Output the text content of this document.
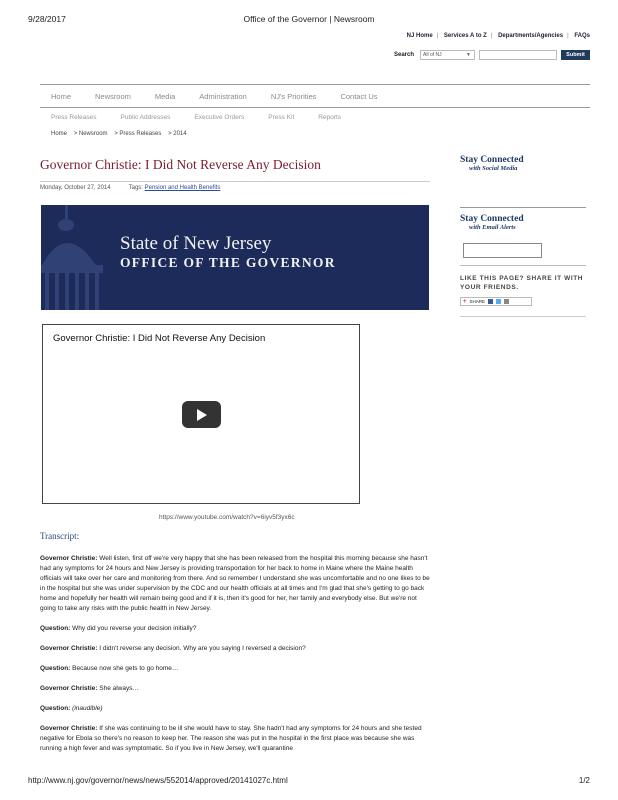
9/28/2017	Office of the Governor | Newsroom
NJ Home | Services A to Z | Departments/Agencies | FAQs
Search	All of NJ	▼	Submit
Home	Newsroom	Media	Administration	NJ's Priorities	Contact Us
Press Releases	Public Addresses	Executive Orders	Press Kit	Reports
Home > Newsroom > Press Releases > 2014
Governor Christie: I Did Not Reverse Any Decision
Monday, October 27, 2014	Tags: Pension and Health Benefits
State of New Jersey
OFFICE OF THE GOVERNOR
Governor Christie: I Did Not Reverse Any Decision
https://www.youtube.com/watch?v=6iyv5f3yx6c
Transcript:

Governor Christie: Well listen, first off we're very happy that she has been released from the hospital this morning because she hasn't had any symptoms for 24 hours and New Jersey is providing transportation for her back to home in Maine where the Maine health officials will take over her care and monitoring from there. And so remember I understand she was uncomfortable and no one likes to be in the hospital but she was under supervision by the CDC and our health officials at all times and I'm glad that she's getting to go back home and hopefully her health will remain being good and if it is, then it's good for her, her family and everybody else. But we're not going to take any risks with the public health in New Jersey.

Question: Why did you reverse your decision initially?

Governor Christie: I didn't reverse any decision. Why are you saying I reversed a decision?

Question: Because now she gets to go home…

Governor Christie: She always…

Question: (inaudible)

Governor Christie: If she was continuing to be ill she would have to stay. She hadn't had any symptoms for 24 hours and she tested negative for Ebola so there's no reason to keep her. The reason she was put in the hospital in the first place was because she was running a high fever and was symptomatic. So if you live in New Jersey, we'll quarantine

Stay Connected
with Social Media
Stay Connected
with Email Alerts
LIKE THIS PAGE? SHARE IT WITH YOUR FRIENDS.
+ SHARE
http://www.nj.gov/governor/news/news/552014/approved/20141027c.html	1/2
